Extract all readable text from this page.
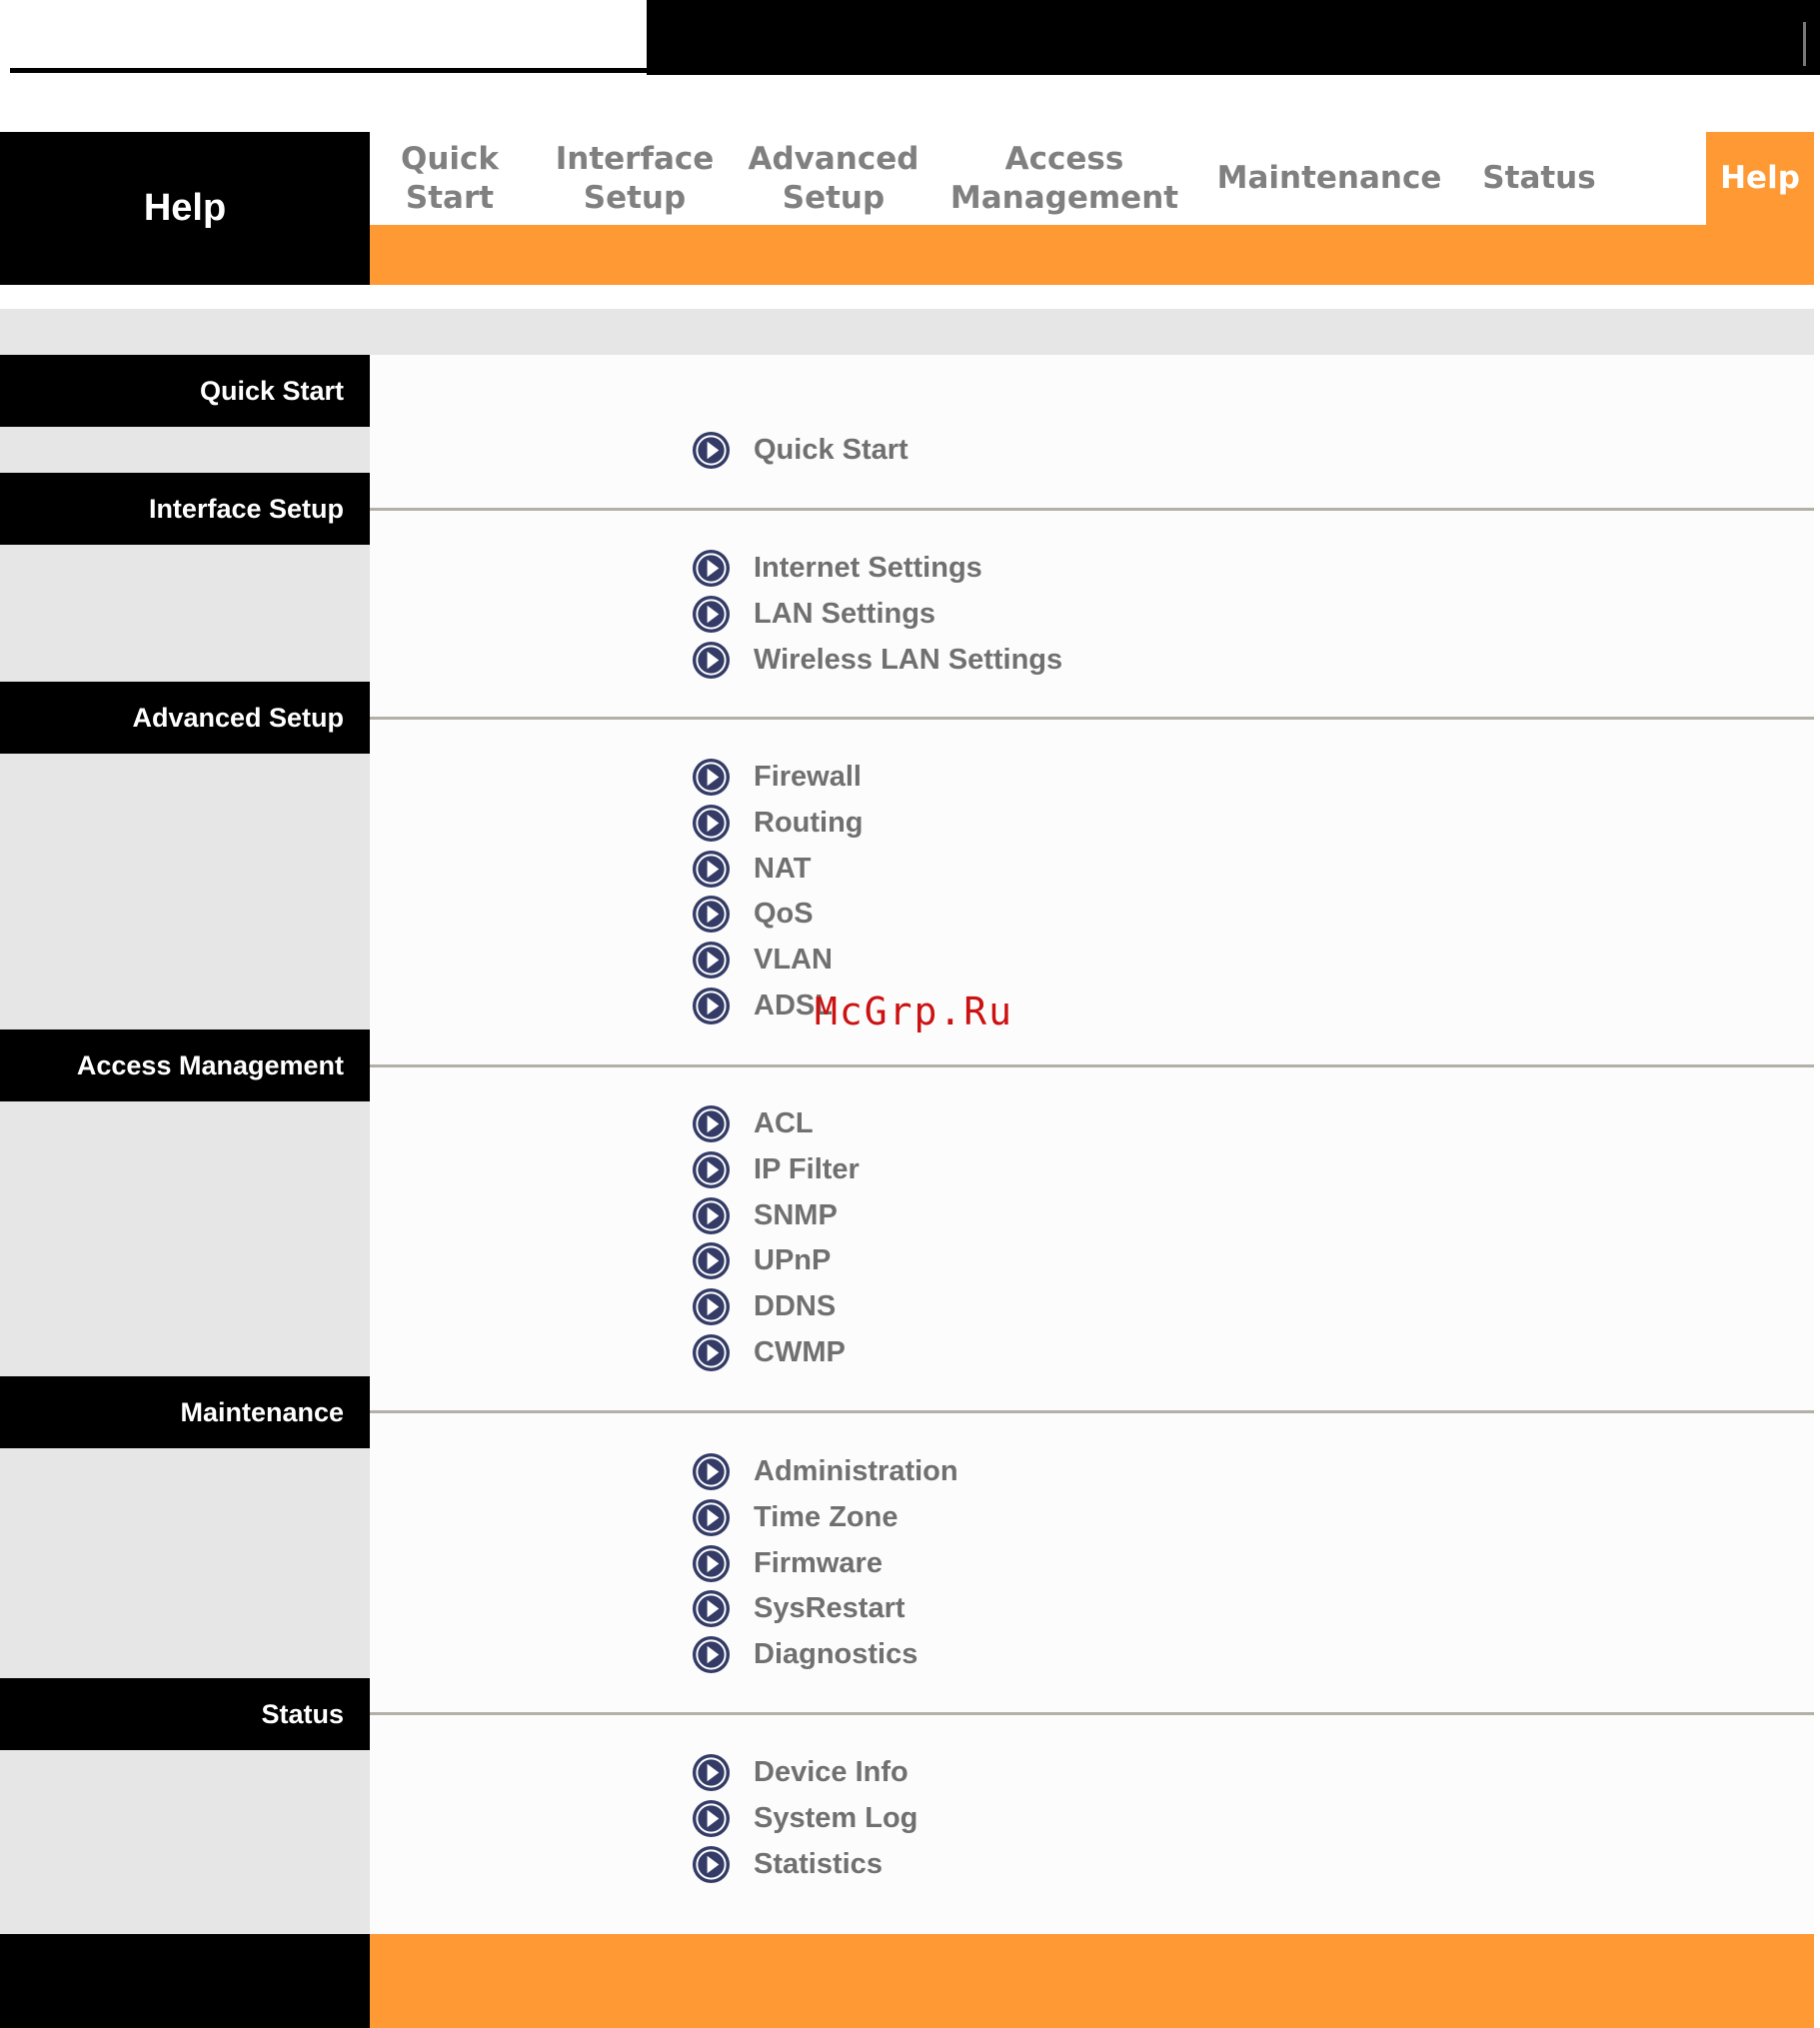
Help
Quick
Start
Interface
Setup
Advanced
Setup
Access
Management
Maintenance	Status	Help
Quick Start
Quick Start
Interface Setup
Internet Settings
LAN Settings
Wireless LAN Settings
Advanced Setup
Firewall
Routing
NAT
QoS
VLAN
ADSL
Access Management
ACL
IP Filter
SNMP
UPnP
DDNS
CWMP
Maintenance
Administration
Time Zone
Firmware
SysRestart
Diagnostics
Status
Device Info
System Log
Statistics
McGrp.Ru
